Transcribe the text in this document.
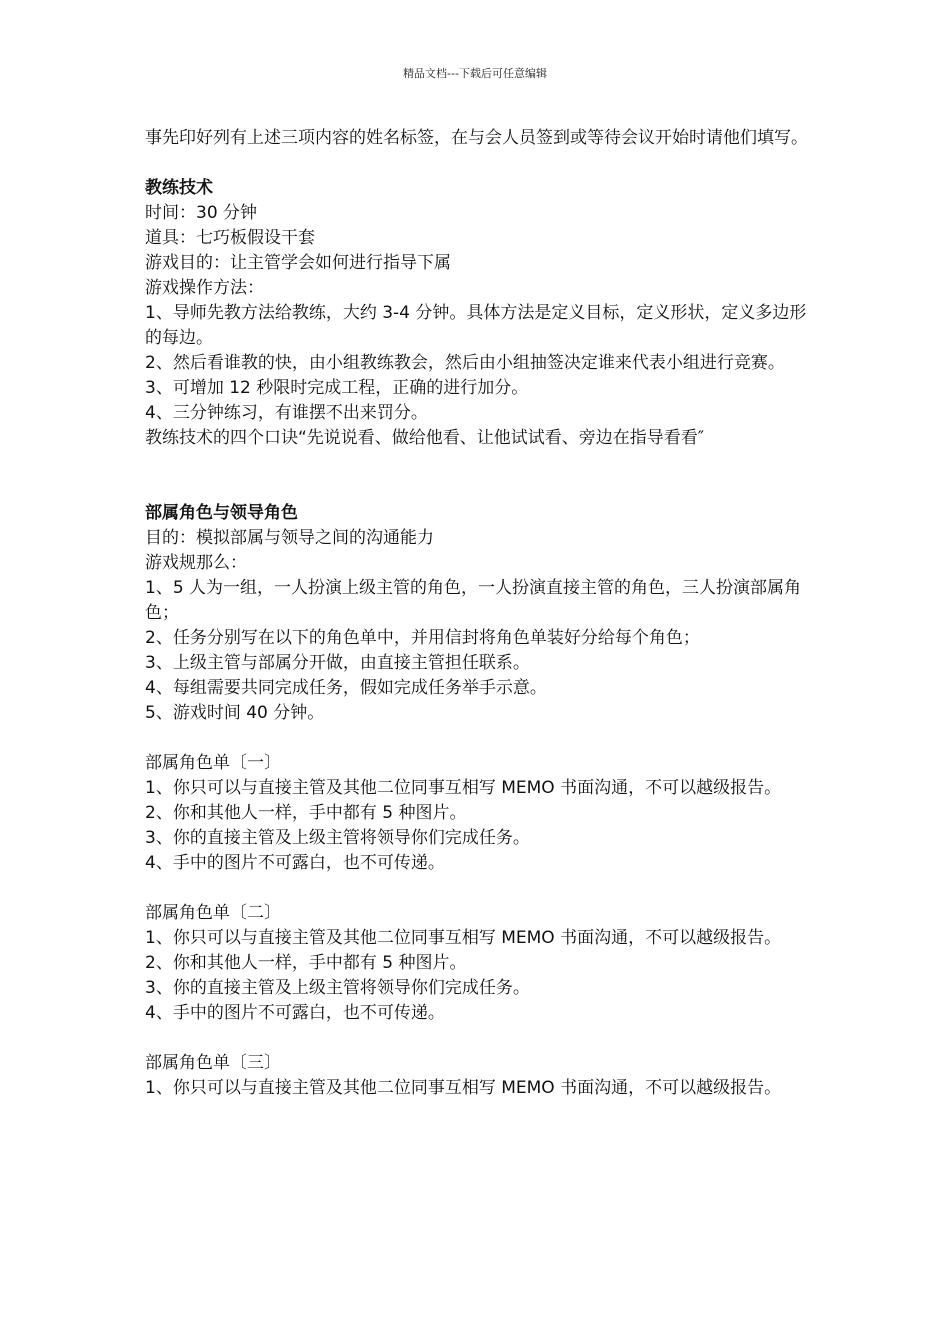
精品文档---下载后可任意编辑

事先印好列有上述三项内容的姓名标签，在与会人员签到或等待会议开始时请他们填写。

教练技术

时间：30 分钟

道具：七巧板假设干套

游戏目的：让主管学会如何进行指导下属

游戏操作方法：

1、导师先教方法给教练，大约 3-4 分钟。具体方法是定义目标，定义形状，定义多边形的每边。

2、然后看谁教的快，由小组教练教会，然后由小组抽签决定谁来代表小组进行竞赛。

3、可增加 12 秒限时完成工程，正确的进行加分。

4、三分钟练习，有谁摆不出来罚分。

教练技术的四个口诀“先说说看、做给他看、让他试试看、旁边在指导看看″

部属角色与领导角色

目的：模拟部属与领导之间的沟通能力

游戏规那么：

1、5 人为一组，一人扮演上级主管的角色，一人扮演直接主管的角色，三人扮演部属角色；

2、任务分别写在以下的角色单中，并用信封将角色单装好分给每个角色；

3、上级主管与部属分开做，由直接主管担任联系。

4、每组需要共同完成任务，假如完成任务举手示意。

5、游戏时间 40 分钟。

部属角色单〔一〕

1、你只可以与直接主管及其他二位同事互相写 MEMO 书面沟通，不可以越级报告。

2、你和其他人一样，手中都有 5 种图片。

3、你的直接主管及上级主管将领导你们完成任务。

4、手中的图片不可露白，也不可传递。

部属角色单〔二〕

1、你只可以与直接主管及其他二位同事互相写 MEMO 书面沟通，不可以越级报告。

2、你和其他人一样，手中都有 5 种图片。

3、你的直接主管及上级主管将领导你们完成任务。

4、手中的图片不可露白，也不可传递。

部属角色单〔三〕

1、你只可以与直接主管及其他二位同事互相写 MEMO 书面沟通，不可以越级报告。
